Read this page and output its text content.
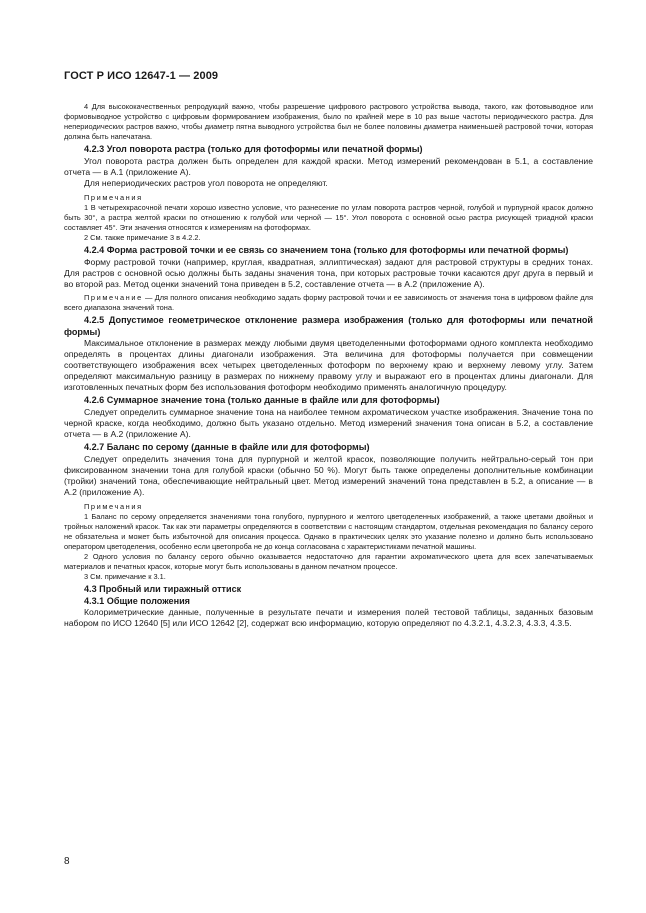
ГОСТ Р ИСО 12647-1 — 2009
4 Для высококачественных репродукций важно, чтобы разрешение цифрового растрового устройства вывода, такого, как фотовыводное или формовыводное устройство с цифровым формированием изображения, было по крайней мере в 10 раз выше частоты периодического растра. Для непериодических растров важно, чтобы диаметр пятна выводного устройства был не более половины диаметра наименьшей растровой точки, которая должна быть напечатана.
4.2.3 Угол поворота растра (только для фотоформы или печатной формы)
Угол поворота растра должен быть определен для каждой краски. Метод измерений рекомендован в 5.1, а составление отчета — в А.1 (приложение А).
Для непериодических растров угол поворота не определяют.
Примечания
1 В четырехкрасочной печати хорошо известно условие, что разнесение по углам поворота растров черной, голубой и пурпурной красок должно быть 30°, а растра желтой краски по отношению к голубой или черной — 15°. Угол поворота с основной осью растра рисующей триадной краски составляет 45°. Эти значения относятся к измерениям на фотоформах.
2 См. также примечание 3 в 4.2.2.
4.2.4 Форма растровой точки и ее связь со значением тона (только для фотоформы или печатной формы)
Форму растровой точки (например, круглая, квадратная, эллиптическая) задают для растровой структуры в средних тонах. Для растров с основной осью должны быть заданы значения тона, при которых растровые точки касаются друг друга в первый и во второй раз. Метод оценки значений тона приведен в 5.2, составление отчета — в А.2 (приложение А).
Примечание — Для полного описания необходимо задать форму растровой точки и ее зависимость от значения тона в цифровом файле для всего диапазона значений тона.
4.2.5 Допустимое геометрическое отклонение размера изображения (только для фотоформы или печатной формы)
Максимальное отклонение в размерах между любыми двумя цветоделенными фотоформами одного комплекта необходимо определять в процентах длины диагонали изображения. Эта величина для фотоформы получается при совмещении соответствующего изображения всех четырех цветоделенных фотоформ по верхнему краю и верхнему левому углу. Затем определяют максимальную разницу в размерах по нижнему правому углу и выражают его в процентах длины диагонали. Для изготовленных печатных форм без использования фотоформ необходимо применять аналогичную процедуру.
4.2.6 Суммарное значение тона (только данные в файле или для фотоформы)
Следует определить суммарное значение тона на наиболее темном ахроматическом участке изображения. Значение тона по черной краске, когда необходимо, должно быть указано отдельно. Метод измерений значения тона описан в 5.2, а составление отчета — в А.2 (приложение А).
4.2.7 Баланс по серому (данные в файле или для фотоформы)
Следует определить значения тона для пурпурной и желтой красок, позволяющие получить нейтрально-серый тон при фиксированном значении тона для голубой краски (обычно 50 %). Могут быть также определены дополнительные комбинации (тройки) значений тона, обеспечивающие нейтральный цвет. Метод измерений значений тона представлен в 5.2, а описание — в А.2 (приложение А).
Примечания
1 Баланс по серому определяется значениями тона голубого, пурпурного и желтого цветоделенных изображений, а также цветами двойных и тройных наложений красок. Так как эти параметры определяются в соответствии с настоящим стандартом, отдельная рекомендация по балансу серого не обязательна и может быть избыточной для описания процесса. Однако в практических целях это указание полезно и должно быть использовано оператором цветоделения, особенно если цветопроба не до конца согласована с характеристиками печатной машины.
2 Одного условия по балансу серого обычно оказывается недостаточно для гарантии ахроматического цвета для всех запечатываемых материалов и печатных красок, которые могут быть использованы в данном печатном процессе.
3 См. примечание к 3.1.
4.3 Пробный или тиражный оттиск
4.3.1 Общие положения
Колориметрические данные, полученные в результате печати и измерения полей тестовой таблицы, заданных базовым набором по ИСО 12640 [5] или ИСО 12642 [2], содержат всю информацию, которую определяют по 4.3.2.1, 4.3.2.3, 4.3.3, 4.3.5.
8
